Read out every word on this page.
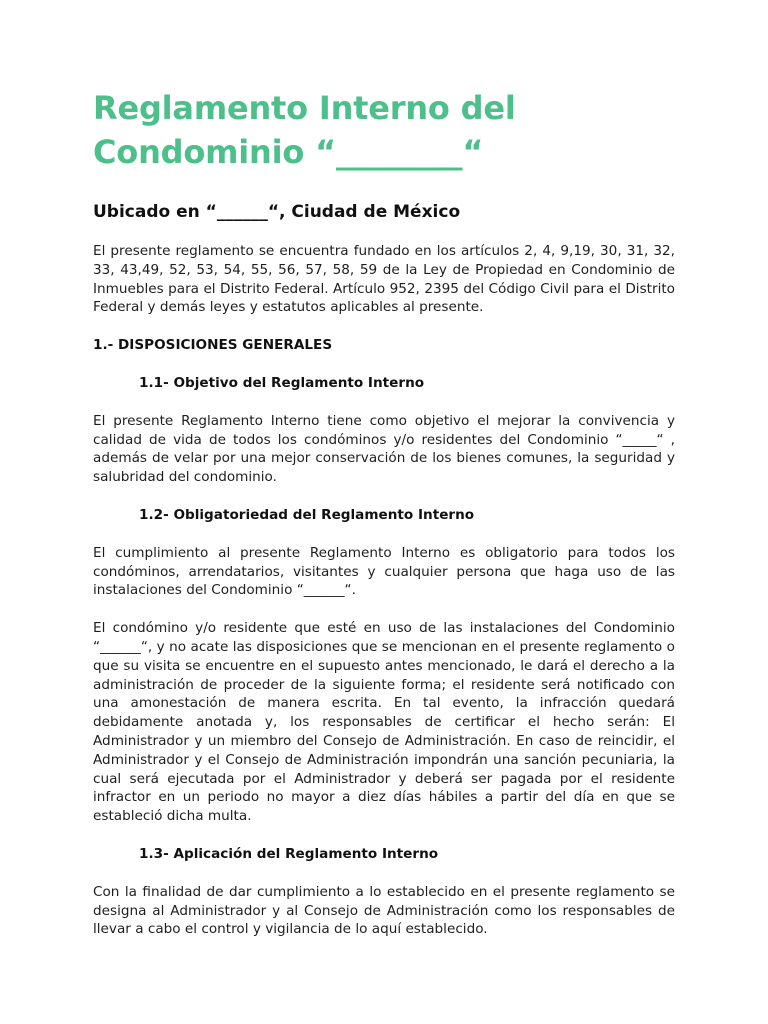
Reglamento Interno del Condominio “________“
Ubicado en “______“, Ciudad de México

El presente reglamento se encuentra fundado en los artículos 2, 4, 9,19, 30, 31, 32, 33, 43,49, 52, 53, 54, 55, 56, 57, 58, 59 de la Ley de Propiedad en Condominio de Inmuebles para el Distrito Federal. Artículo 952, 2395 del Código Civil para el Distrito Federal y demás leyes y estatutos aplicables al presente.

1.- DISPOSICIONES GENERALES
1.1- Objetivo del Reglamento Interno

El presente Reglamento Interno tiene como objetivo el mejorar la convivencia y calidad de vida de todos los condóminos y/o residentes del Condominio “_____“ , además de velar por una mejor conservación de los bienes comunes, la seguridad y salubridad del condominio.

1.2- Obligatoriedad del Reglamento Interno

El cumplimiento al presente Reglamento Interno es obligatorio para todos los condóminos, arrendatarios, visitantes y cualquier persona que haga uso de las instalaciones del Condominio “______“.

El condómino y/o residente que esté en uso de las instalaciones del Condominio “______“, y no acate las disposiciones que se mencionan en el presente reglamento o que su visita se encuentre en el supuesto antes mencionado, le dará el derecho a la administración de proceder de la siguiente forma; el residente será notificado con una amonestación de manera escrita. En tal evento, la infracción quedará debidamente anotada y, los responsables de certificar el hecho serán: El Administrador y un miembro del Consejo de Administración. En caso de reincidir, el Administrador y el Consejo de Administración impondrán una sanción pecuniaria, la cual será ejecutada por el Administrador y deberá ser pagada por el residente infractor en un periodo no mayor a diez días hábiles a partir del día en que se estableció dicha multa.

1.3- Aplicación del Reglamento Interno

Con la finalidad de dar cumplimiento a lo establecido en el presente reglamento se designa al Administrador y al Consejo de Administración como los responsables de llevar a cabo el control y vigilancia de lo aquí establecido.
